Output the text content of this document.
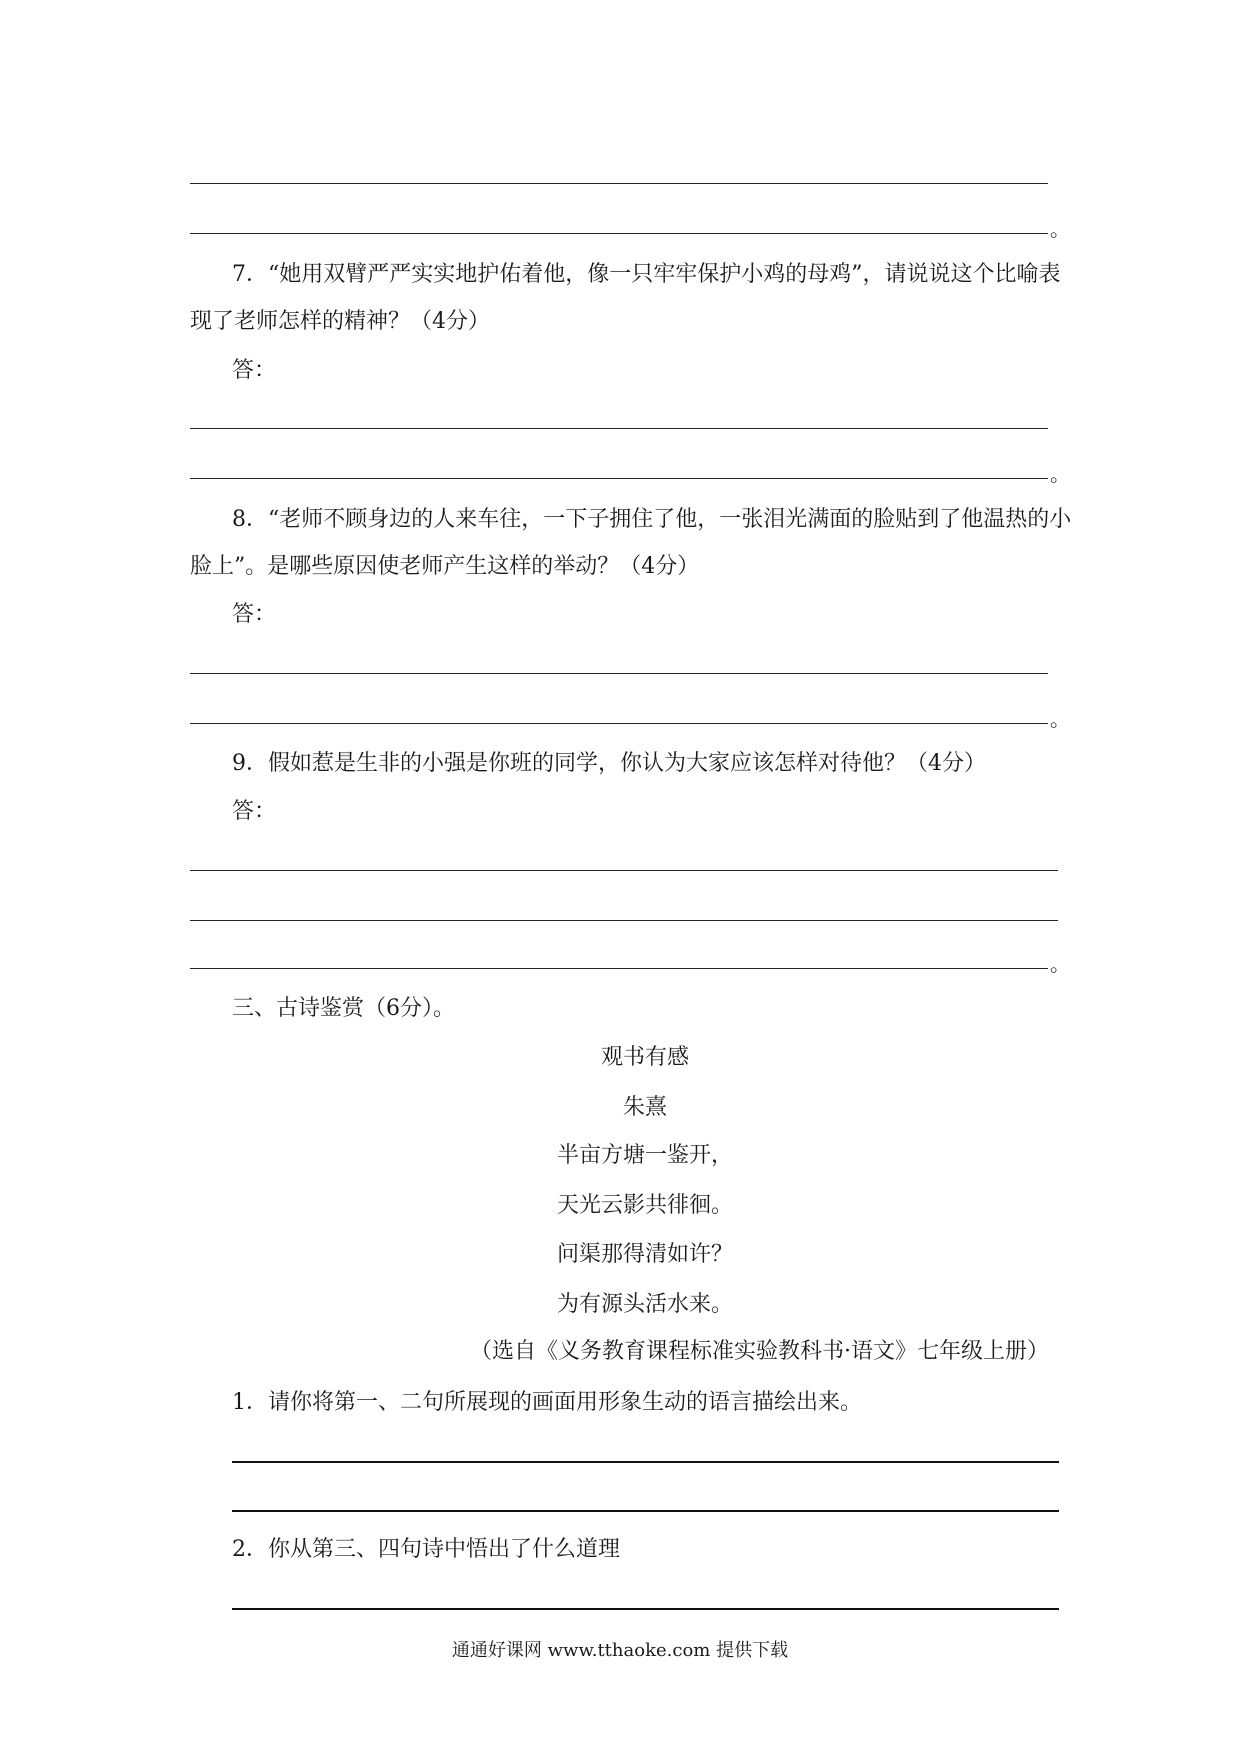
。
7．“她用双臂严严实实地护佑着他，像一只牢牢保护小鸡的母鸡”，请说说这个比喻表
现了老师怎样的精神？（4分）
答：
。
8．“老师不顾身边的人来车往，一下子拥住了他，一张泪光满面的脸贴到了他温热的小
脸上”。是哪些原因使老师产生这样的举动？（4分）
答：
。
9．假如惹是生非的小强是你班的同学，你认为大家应该怎样对待他？（4分）
答：
。
三、古诗鉴赏（6分）。
观书有感
朱熹
半亩方塘一鉴开，
天光云影共徘徊。
问渠那得清如许？
为有源头活水来。
（选自《义务教育课程标准实验教科书·语文》七年级上册）
1．请你将第一、二句所展现的画面用形象生动的语言描绘出来。
2．你从第三、四句诗中悟出了什么道理
通通好课网 www.tthaoke.com 提供下载
